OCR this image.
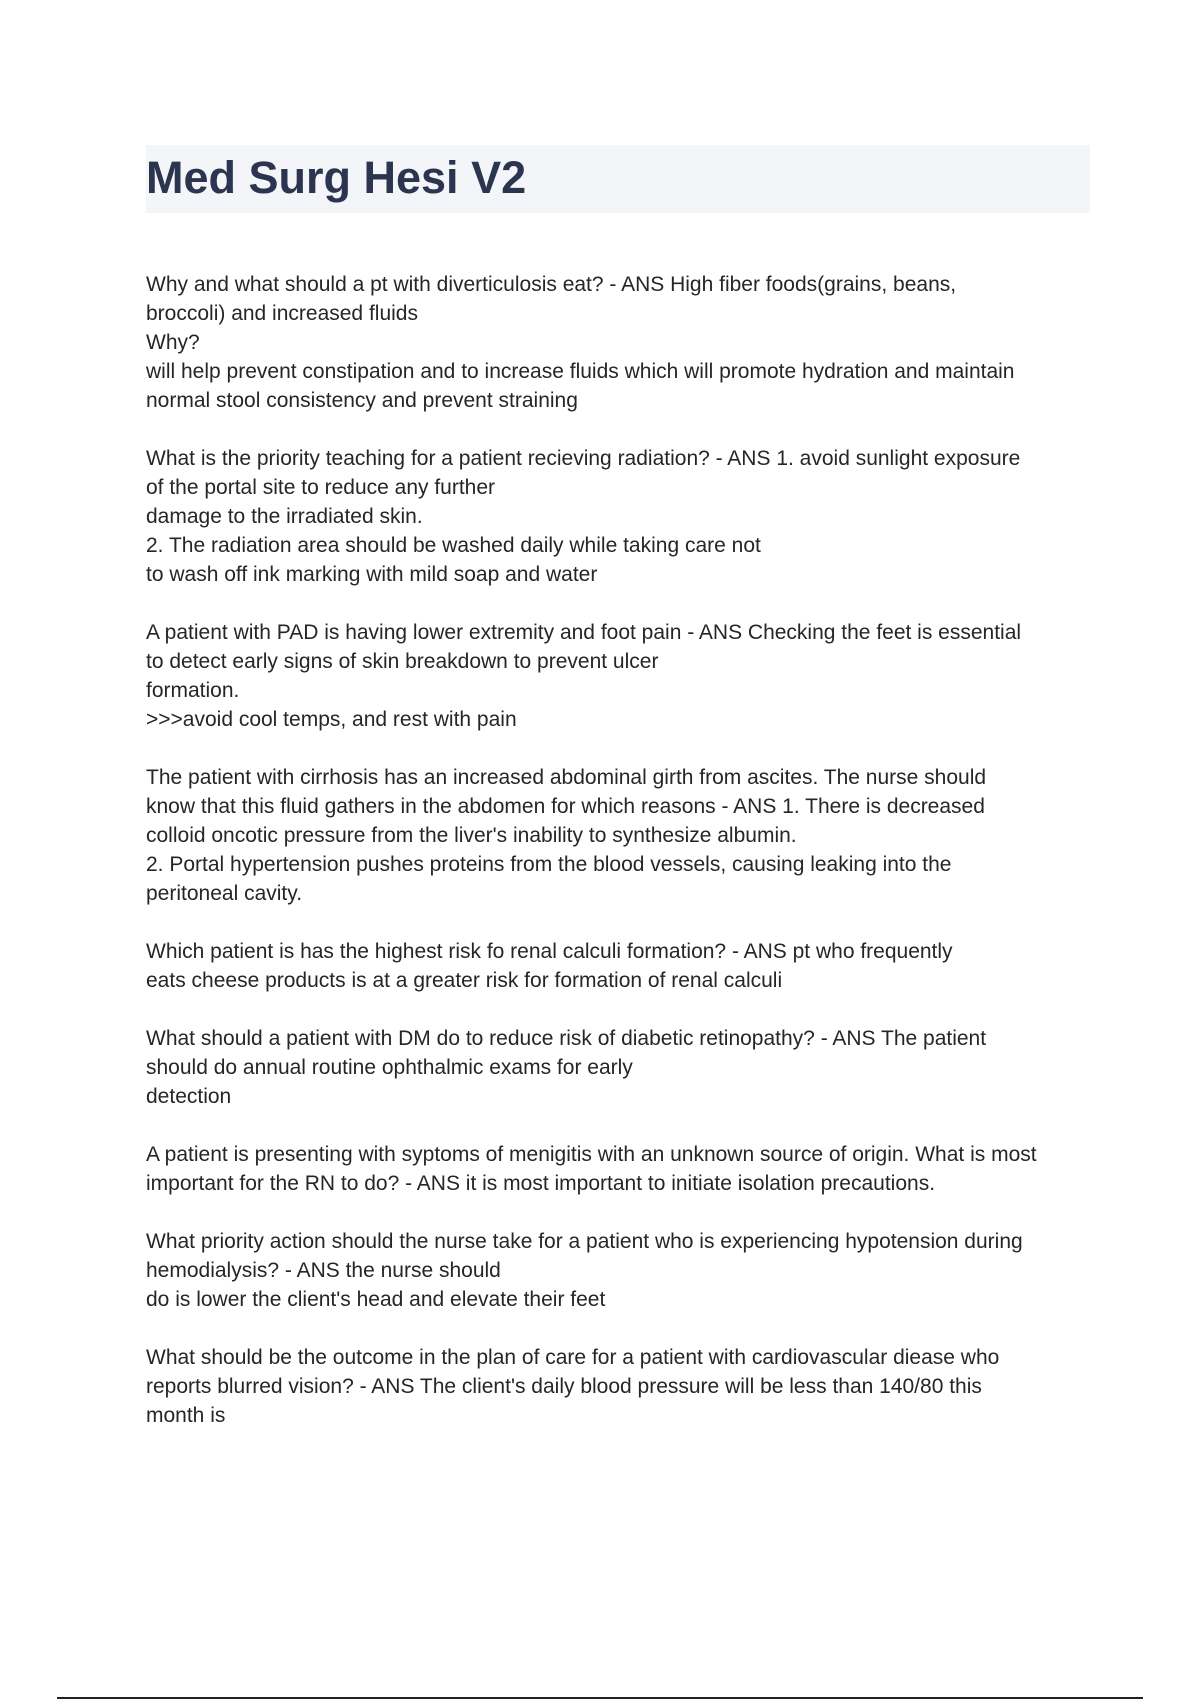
Med Surg Hesi V2
Why and what should a pt with diverticulosis eat? - ANS High fiber foods(grains, beans,
broccoli) and increased fluids
Why?
will help prevent constipation and to increase fluids which will promote hydration and maintain
normal stool consistency and prevent straining
What is the priority teaching for a patient recieving radiation? - ANS 1. avoid sunlight exposure
of the portal site to reduce any further
damage to the irradiated skin.
2. The radiation area should be washed daily while taking care not
to wash off ink marking with mild soap and water
A patient with PAD is having lower extremity and foot pain - ANS Checking the feet is essential
to detect early signs of skin breakdown to prevent ulcer
formation.
>>>avoid cool temps, and rest with pain
The patient with cirrhosis has an increased abdominal girth from ascites. The nurse should
know that this fluid gathers in the abdomen for which reasons - ANS 1. There is decreased
colloid oncotic pressure from the liver's inability to synthesize albumin.
2. Portal hypertension pushes proteins from the blood vessels, causing leaking into the
peritoneal cavity.
Which patient is has the highest risk fo renal calculi formation? - ANS pt who frequently
eats cheese products is at a greater risk for formation of renal calculi
What should a patient with DM do to reduce risk of diabetic retinopathy? - ANS The patient
should do annual routine ophthalmic exams for early
detection
A patient is presenting with syptoms of menigitis with an unknown source of origin. What is most
important for the RN to do? - ANS it is most important to initiate isolation precautions.
What priority action should the nurse take for a patient who is experiencing hypotension during
hemodialysis? - ANS the nurse should
do is lower the client's head and elevate their feet
What should be the outcome in the plan of care for a patient with cardiovascular diease who
reports blurred vision? - ANS The client's daily blood pressure will be less than 140/80 this
month is
